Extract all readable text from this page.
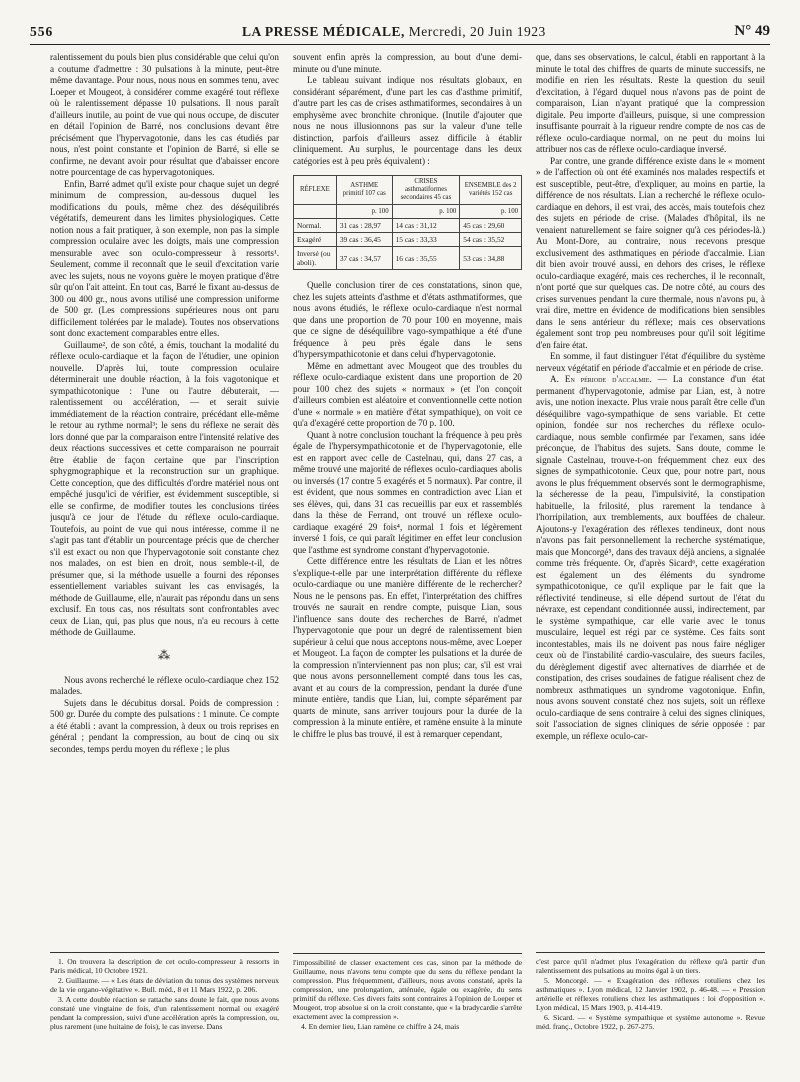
556	LA PRESSE MÉDICALE, Mercredi, 20 Juin 1923	N° 49

ralentissement du pouls bien plus considérable que celui qu'on a coutume d'admettre : 30 pulsations à la minute, peut-être même davantage. Pour nous, nous nous en sommes tenu, avec Loeper et Mougeot, à considérer comme exagéré tout réflexe où le ralentissement dépasse 10 pulsations. Il nous paraît d'ailleurs inutile, au point de vue qui nous occupe, de discuter en détail l'opinion de Barré, nos conclusions devant être précisément que l'hypervagotonie, dans les cas étudiés par nous, n'est point constante et l'opinion de Barré, si elle se confirme, ne devant avoir pour résultat que d'abaisser encore notre pourcentage de cas hypervagotoniques.

Enfin, Barré admet qu'il existe pour chaque sujet un degré minimum de compression, au-dessous duquel les modifications du pouls, même chez des déséquilibrés végétatifs, demeurent dans les limites physiologiques. Cette notion nous a fait pratiquer, à son exemple, non pas la simple compression oculaire avec les doigts, mais une compression mensurable avec son oculo-compresseur à ressorts¹. Seulement, comme il reconnaît que le seuil d'excitation varie avec les sujets, nous ne voyons guère le moyen pratique d'être sûr qu'on l'ait atteint. En tout cas, Barré le fixant au-dessus de 300 ou 400 gr., nous avons utilisé une compression uniforme de 500 gr. (Les compressions supérieures nous ont paru difficilement tolérées par le malade). Toutes nos observations sont donc exactement comparables entre elles.

Guillaume², de son côté, a émis, touchant la modalité du réflexe oculo-cardiaque et la façon de l'étudier, une opinion nouvelle. D'après lui, toute compression oculaire déterminerait une double réaction, à la fois vagotonique et sympathicotonique : l'une ou l'autre débuterait, — ralentissement ou accélération, — et serait suivie immédiatement de la réaction contraire, précédant elle-même le retour au rythme normal³; le sens du réflexe ne serait dès lors donné que par la comparaison entre l'intensité relative des deux réactions successives et cette comparaison ne pourrait être établie de façon certaine que par l'inscription sphygmographique et la reconstruction sur un graphique. Cette conception, que des difficultés d'ordre matériel nous ont empêché jusqu'ici de vérifier, est évidemment susceptible, si elle se confirme, de modifier toutes les conclusions tirées jusqu'à ce jour de l'étude du réflexe oculo-cardiaque. Toutefois, au point de vue qui nous intéresse, comme il ne s'agit pas tant d'établir un pourcentage précis que de chercher s'il est exact ou non que l'hypervagotonie soit constante chez nos malades, on est bien en droit, nous semble-t-il, de présumer que, si la méthode usuelle a fourni des réponses essentiellement variables suivant les cas envisagés, la méthode de Guillaume, elle, n'aurait pas répondu dans un sens exclusif. En tous cas, nos résultats sont confrontables avec ceux de Lian, qui, pas plus que nous, n'a eu recours à cette méthode de Guillaume.

⁂

Nous avons recherché le réflexe oculo-cardiaque chez 152 malades.

Sujets dans le décubitus dorsal. Poids de compression : 500 gr. Durée du compte des pulsations : 1 minute. Ce compte a été établi : avant la compression, à deux ou trois reprises en général ; pendant la compression, au bout de cinq ou six secondes, temps perdu moyen du réflexe ; le plus

1. On trouvera la description de cet oculo-compresseur à ressorts in Paris médical, 10 Octobre 1921.

2. Guillaume. — « Les états de déviation du tonus des systèmes nerveux de la vie organo-végétative ». Bull. méd., 8 et 11 Mars 1922, p. 206.

3. A cette double réaction se rattache sans doute le fait, que nous avons constaté une vingtaine de fois, d'un ralentissement normal ou exagéré pendant la compression, suivi d'une accélération après la compression, ou, plus rarement (une huitaine de fois), le cas inverse. Dans

souvent enfin après la compression, au bout d'une demi-minute ou d'une minute.

Le tableau suivant indique nos résultats globaux, en considérant séparément, d'une part les cas d'asthme primitif, d'autre part les cas de crises asthmatiformes, secondaires à un emphysème avec bronchite chronique. (Inutile d'ajouter que nous ne nous illusionnons pas sur la valeur d'une telle distinction, parfois d'ailleurs assez difficile à établir cliniquement. Au surplus, le pourcentage dans les deux catégories est à peu près équivalent) :

RÉFLEXE	ASTHME primitif 107 cas	CRISES asthmatiformes secondaires 45 cas	ENSEMBLE des 2 variétés 152 cas
	p. 100	p. 100	p. 100
Normal.	31 cas : 28,97	14 cas : 31,12	45 cas : 29,60
Exagéré	39 cas : 36,45	15 cas : 33,33	54 cas : 35,52
Inversé (ou aboli).	37 cas : 34,57	16 cas : 35,55	53 cas : 34,88

Quelle conclusion tirer de ces constatations, sinon que, chez les sujets atteints d'asthme et d'états asthmatiformes, que nous avons étudiés, le réflexe oculo-cardiaque n'est normal que dans une proportion de 70 pour 100 en moyenne, mais que ce signe de déséquilibre vago-sympathique a été d'une fréquence à peu près égale dans le sens d'hypersympathicotonie et dans celui d'hypervagotonie.

Même en admettant avec Mougeot que des troubles du réflexe oculo-cardiaque existent dans une proportion de 20 pour 100 chez des sujets « normaux » (et l'on conçoit d'ailleurs combien est aléatoire et conventionnelle cette notion d'une « normale » en matière d'état sympathique), on voit ce qu'a d'exagéré cette proportion de 70 p. 100.

Quant à notre conclusion touchant la fréquence à peu près égale de l'hypersympathicotonie et de l'hypervagotonie, elle est en rapport avec celle de Castelnau, qui, dans 27 cas, a même trouvé une majorité de réflexes oculo-cardiaques abolis ou inversés (17 contre 5 exagérés et 5 normaux). Par contre, il est évident, que nous sommes en contradiction avec Lian et ses élèves, qui, dans 31 cas recueillis par eux et rassemblés dans la thèse de Ferrand, ont trouvé un réflexe oculo-cardiaque exagéré 29 fois⁴, normal 1 fois et légèrement inversé 1 fois, ce qui paraît légitimer en effet leur conclusion que l'asthme est syndrome constant d'hypervagotonie.

Cette différence entre les résultats de Lian et les nôtres s'explique-t-elle par une interprétation différente du réflexe oculo-cardiaque ou une manière différente de le rechercher? Nous ne le pensons pas. En effet, l'interprétation des chiffres trouvés ne saurait en rendre compte, puisque Lian, sous l'influence sans doute des recherches de Barré, n'admet l'hypervagotonie que pour un degré de ralentissement bien supérieur à celui que nous acceptons nous-même, avec Loeper et Mougeot. La façon de compter les pulsations et la durée de la compression n'interviennent pas non plus; car, s'il est vrai que nous avons personnellement compté dans tous les cas, avant et au cours de la compression, pendant la durée d'une minute entière, tandis que Lian, lui, compte séparément par quarts de minute, sans arriver toujours pour la durée de la compression à la minute entière, et ramène ensuite à la minute le chiffre le plus bas trouvé, il est à remarquer cependant,

l'impossibilité de classer exactement ces cas, sinon par la méthode de Guillaume, nous n'avons tenu compte que du sens du réflexe pendant la compression. Plus fréquemment, d'ailleurs, nous avons constaté, après la compression, une prolongation, atténuée, égale ou exagérée, du sens primitif du réflexe. Ces divers faits sont contraires à l'opinion de Loeper et Mougeot, trop absolue si on la croit constante, que « la bradycardie s'arrête exactement avec la compression ».

4. En dernier lieu, Lian ramène ce chiffre à 24, mais

que, dans ses observations, le calcul, établi en rapportant à la minute le total des chiffres de quarts de minute successifs, ne modifie en rien les résultats. Reste la question du seuil d'excitation, à l'égard duquel nous n'avons pas de point de comparaison, Lian n'ayant pratiqué que la compression digitale. Peu importe d'ailleurs, puisque, si une compression insuffisante pourrait à la rigueur rendre compte de nos cas de réflexe oculo-cardiaque normal, on ne peut du moins lui attribuer nos cas de réflexe oculo-cardiaque inversé.

Par contre, une grande différence existe dans le « moment » de l'affection où ont été examinés nos malades respectifs et est susceptible, peut-être, d'expliquer, au moins en partie, la différence de nos résultats. Lian a recherché le réflexe oculo-cardiaque en dehors, il est vrai, des accès, mais toutefois chez des sujets en période de crise. (Malades d'hôpital, ils ne venaient naturellement se faire soigner qu'à ces périodes-là.) Au Mont-Dore, au contraire, nous recevons presque exclusivement des asthmatiques en période d'accalmie. Lian dit bien avoir trouvé aussi, en dehors des crises, le réflexe oculo-cardiaque exagéré, mais ces recherches, il le reconnaît, n'ont porté que sur quelques cas. De notre côté, au cours des crises survenues pendant la cure thermale, nous n'avons pu, à vrai dire, mettre en évidence de modifications bien sensibles dans le sens antérieur du réflexe; mais ces observations également sont trop peu nombreuses pour qu'il soit légitime d'en faire état.

En somme, il faut distinguer l'état d'équilibre du système nerveux végétatif en période d'accalmie et en période de crise.

A. En période d'accalmie. — La constance d'un état permanent d'hypervagotonie, admise par Lian, est, à notre avis, une notion inexacte. Plus vraie nous paraît être celle d'un déséquilibre vago-sympathique de sens variable. Et cette opinion, fondée sur nos recherches du réflexe oculo-cardiaque, nous semble confirmée par l'examen, sans idée préconçue, de l'habitus des sujets. Sans doute, comme le signale Castelnau, trouve-t-on fréquemment chez eux des signes de sympathicotonie. Ceux que, pour notre part, nous avons le plus fréquemment observés sont le dermographisme, la sécheresse de la peau, l'impulsivité, la constipation habituelle, la frilosité, plus rarement la tendance à l'horripilation, aux tremblements, aux bouffées de chaleur. Ajoutons-y l'exagération des réflexes tendineux, dont nous n'avons pas fait personnellement la recherche systématique, mais que Moncorgé⁵, dans des travaux déjà anciens, a signalée comme très fréquente. Or, d'après Sicard⁶, cette exagération est également un des éléments du syndrome sympathicotonique, ce qu'il explique par le fait que la réflectivité tendineuse, si elle dépend surtout de l'état du névraxe, est cependant conditionnée aussi, indirectement, par le système sympathique, car elle varie avec le tonus musculaire, lequel est régi par ce système. Ces faits sont incontestables, mais ils ne doivent pas nous faire négliger ceux où de l'instabilité cardio-vasculaire, des sueurs faciles, du dérèglement digestif avec alternatives de diarrhée et de constipation, des crises soudaines de fatigue réalisent chez de nombreux asthmatiques un syndrome vagotonique. Enfin, nous avons souvent constaté chez nos sujets, soit un réflexe oculo-cardiaque de sens contraire à celui des signes cliniques, soit l'association de signes cliniques de série opposée : par exemple, un réflexe oculo-car-

c'est parce qu'il n'admet plus l'exagération du réflexe qu'à partir d'un ralentissement des pulsations au moins égal à un tiers.

5. Moncorgé. — « Exagération des réflexes rotuliens chez les asthmatiques ». Lyon médical, 12 Janvier 1902, p. 46-48. — « Pression artérielle et réflexes rotuliens chez les asthmatiques : loi d'opposition ». Lyon médical, 15 Mars 1903, p. 414-419.

6. Sicard. — « Système sympathique et système autonome ». Revue méd. franç., Octobre 1922, p. 267-275.
